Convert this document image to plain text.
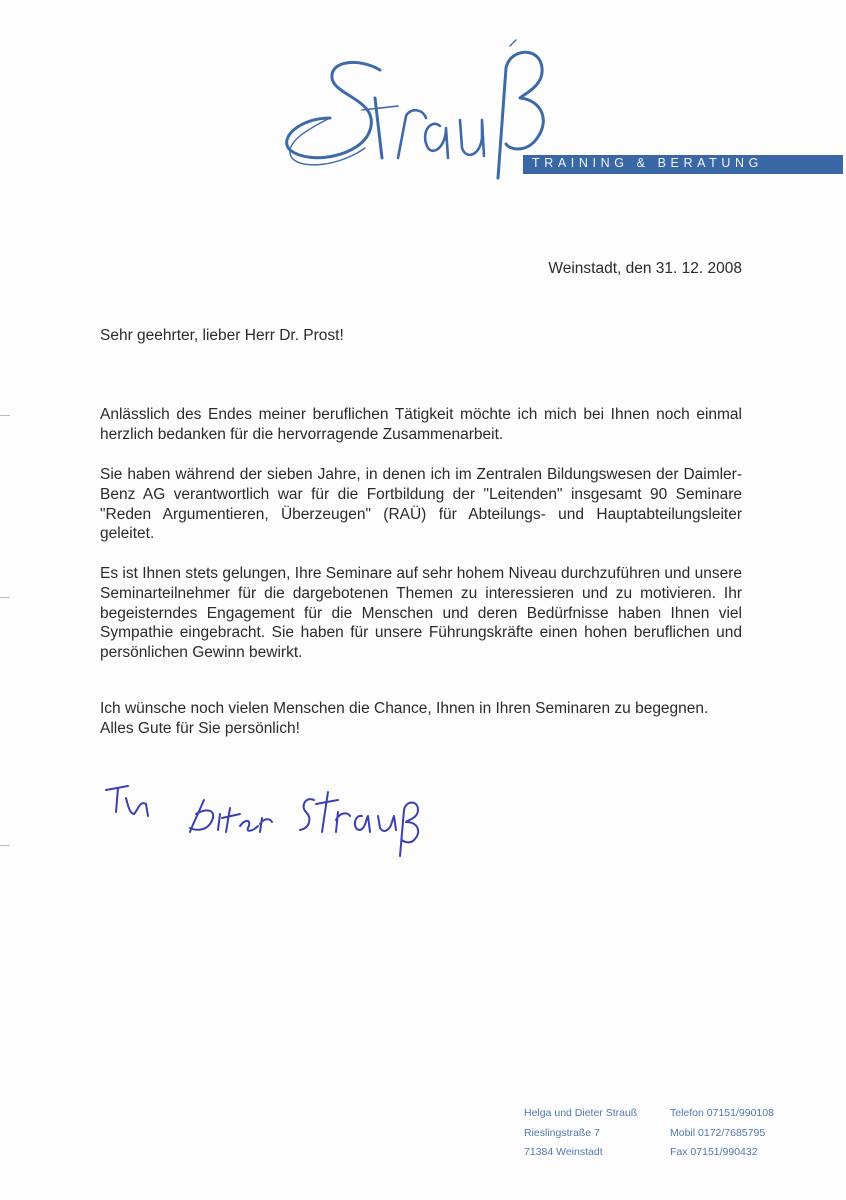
TRAINING & BERATUNG
Weinstadt, den 31. 12. 2008
Sehr geehrter, lieber Herr Dr. Prost!

Anlässlich des Endes meiner beruflichen Tätigkeit möchte ich mich bei Ihnen noch einmal herzlich bedanken für die hervorragende Zusammenarbeit.

Sie haben während der sieben Jahre, in denen ich im Zentralen Bildungswesen der Daimler-Benz AG verantwortlich war für die Fortbildung der "Leitenden" insgesamt 90 Seminare "Reden Argumentieren, Überzeugen" (RAÜ) für Abteilungs- und Hauptabteilungsleiter geleitet.

Es ist Ihnen stets gelungen, Ihre Seminare auf sehr hohem Niveau durchzuführen und unsere Seminarteilnehmer für die dargebotenen Themen zu interessieren und zu motivieren. Ihr begeisterndes Engagement für die Menschen und deren Bedürfnisse haben Ihnen viel Sympathie eingebracht. Sie haben für unsere Führungskräfte einen hohen beruflichen und persönlichen Gewinn bewirkt.

Ich wünsche noch vielen Menschen die Chance, Ihnen in Ihren Seminaren zu begegnen.
Alles Gute für Sie persönlich!
Helga und Dieter Strauß
Rieslingstraße 7
71384 Weinstadt
Telefon 07151/990108
Mobil 0172/7685795
Fax 07151/990432
